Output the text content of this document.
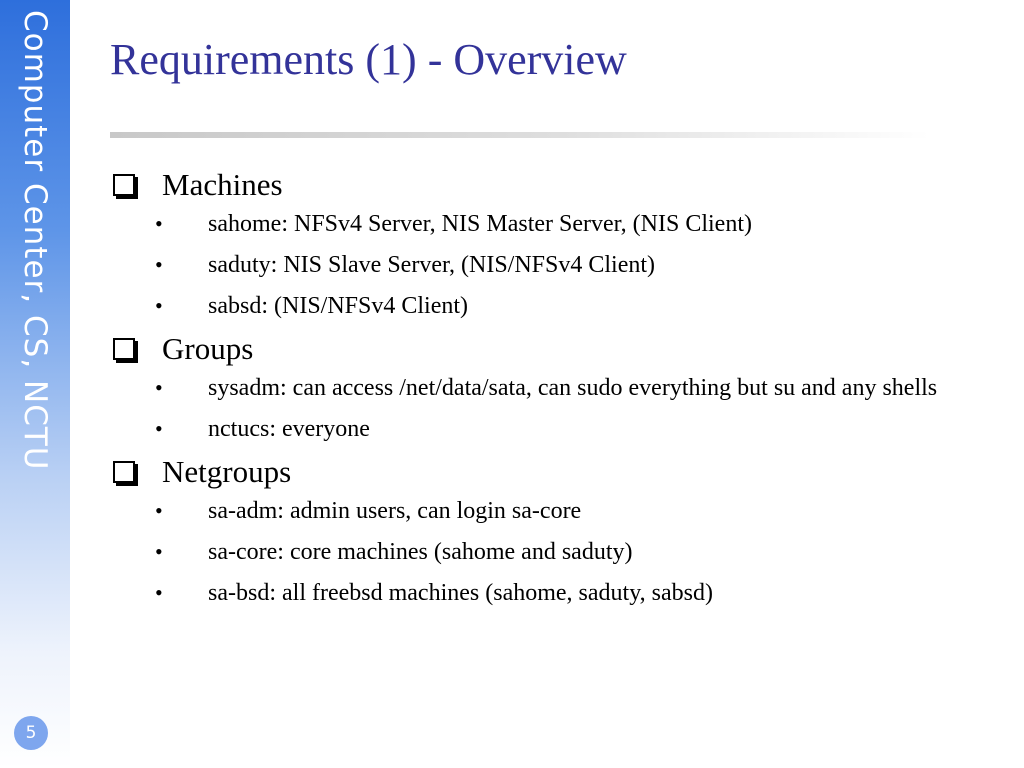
Computer Center, CS, NCTU
5
Requirements (1) - Overview
Machines
• sahome: NFSv4 Server, NIS Master Server, (NIS Client)
• saduty: NIS Slave Server, (NIS/NFSv4 Client)
• sabsd: (NIS/NFSv4 Client)
Groups
• sysadm: can access /net/data/sata, can sudo everything but su and any shells
• nctucs: everyone
Netgroups
• sa-adm: admin users, can login sa-core
• sa-core: core machines (sahome and saduty)
• sa-bsd: all freebsd machines (sahome, saduty, sabsd)
